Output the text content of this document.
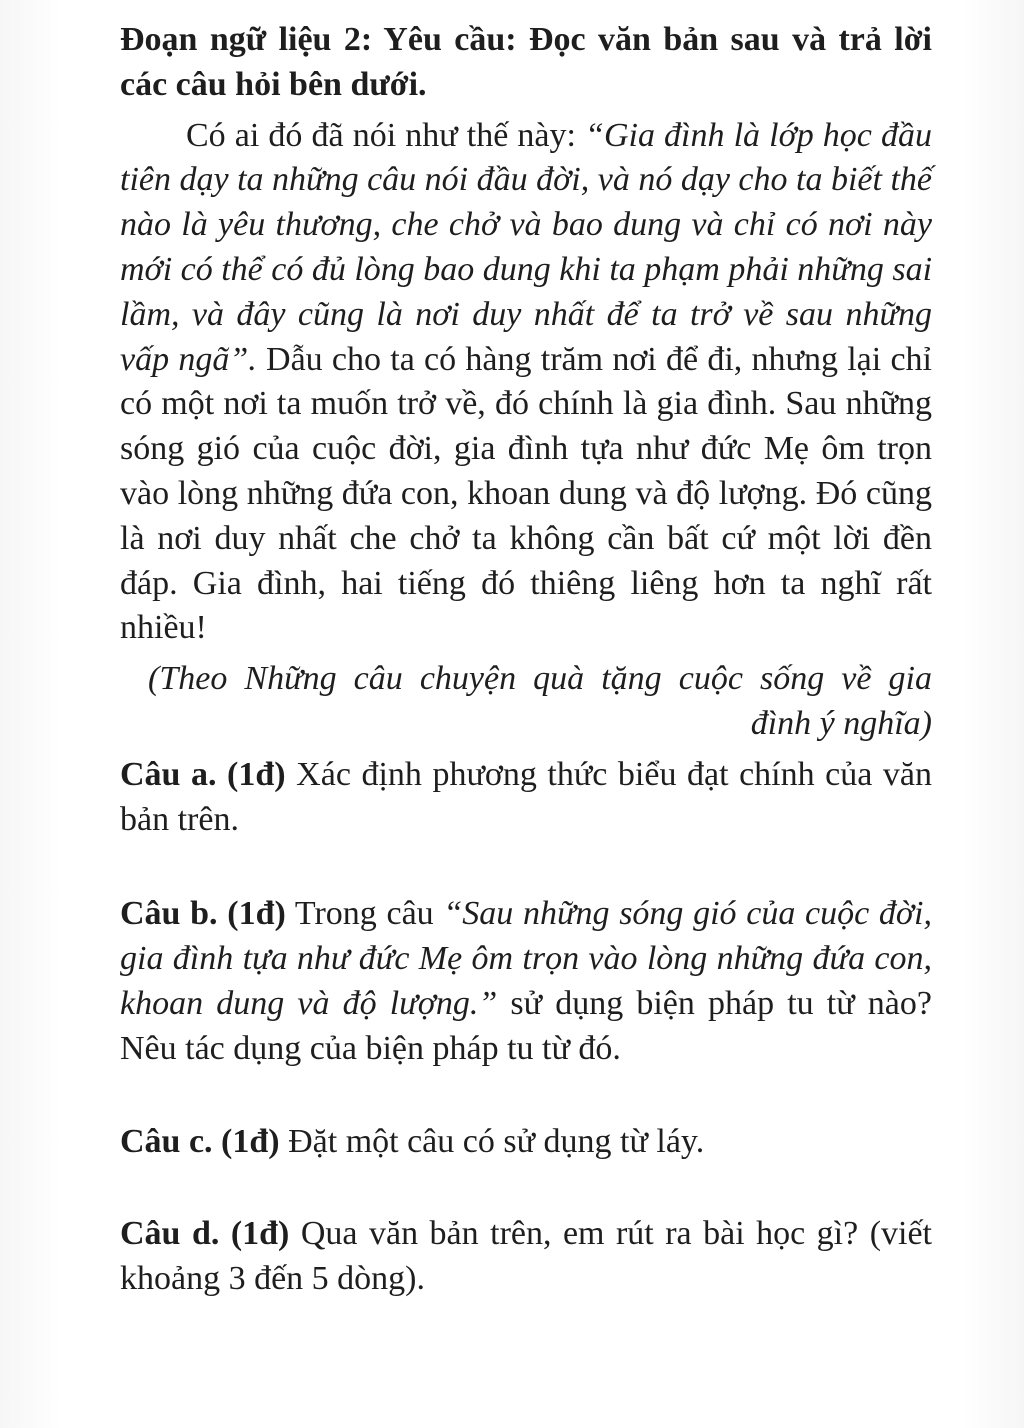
Đoạn ngữ liệu 2: Yêu cầu: Đọc văn bản sau và trả lời các câu hỏi bên dưới.

Có ai đó đã nói như thế này: “Gia đình là lớp học đầu tiên dạy ta những câu nói đầu đời, và nó dạy cho ta biết thế nào là yêu thương, che chở và bao dung và chỉ có nơi này mới có thể có đủ lòng bao dung khi ta phạm phải những sai lầm, và đây cũng là nơi duy nhất để ta trở về sau những vấp ngã”. Dẫu cho ta có hàng trăm nơi để đi, nhưng lại chỉ có một nơi ta muốn trở về, đó chính là gia đình. Sau những sóng gió của cuộc đời, gia đình tựa như đức Mẹ ôm trọn vào lòng những đứa con, khoan dung và độ lượng. Đó cũng là nơi duy nhất che chở ta không cần bất cứ một lời đền đáp. Gia đình, hai tiếng đó thiêng liêng hơn ta nghĩ rất nhiều!

(Theo Những câu chuyện quà tặng cuộc sống về gia
đình ý nghĩa)

Câu a. (1đ) Xác định phương thức biểu đạt chính của văn bản trên.

Câu b. (1đ) Trong câu “Sau những sóng gió của cuộc đời, gia đình tựa như đức Mẹ ôm trọn vào lòng những đứa con, khoan dung và độ lượng.” sử dụng biện pháp tu từ nào? Nêu tác dụng của biện pháp tu từ đó.

Câu c. (1đ) Đặt một câu có sử dụng từ láy.

Câu d. (1đ) Qua văn bản trên, em rút ra bài học gì? (viết khoảng 3 đến 5 dòng).
